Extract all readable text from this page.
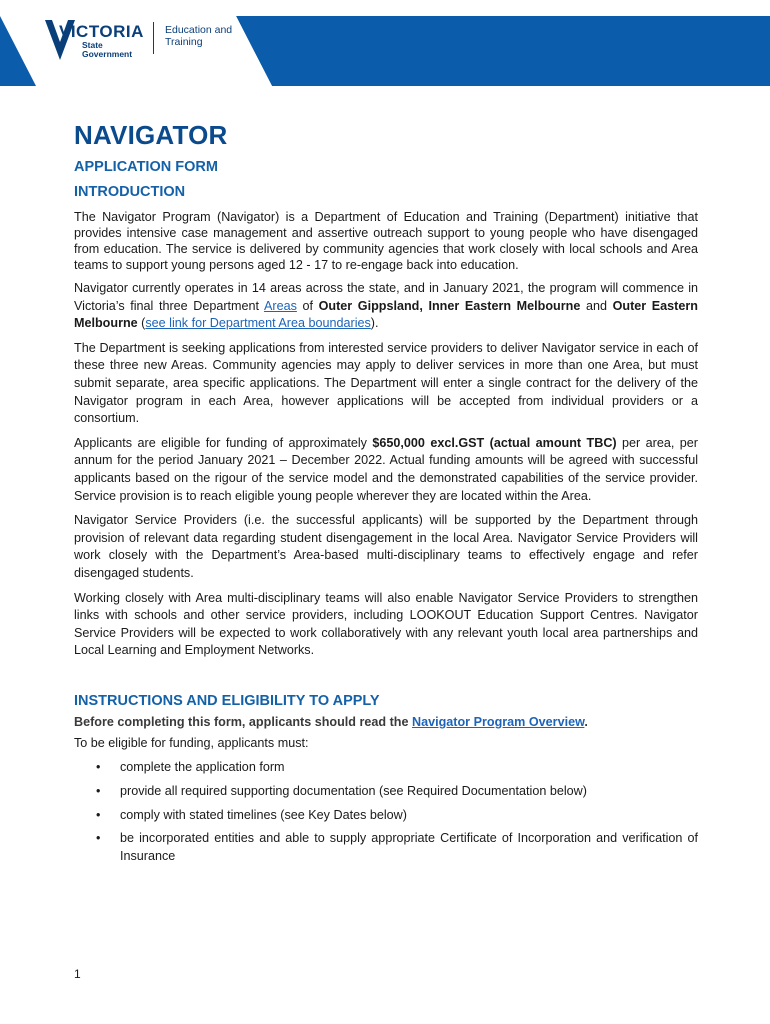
VICTORIA
State Government
Education and Training
NAVIGATOR
APPLICATION FORM
INTRODUCTION

The Navigator Program (Navigator) is a Department of Education and Training (Department) initiative that provides intensive case management and assertive outreach support to young people who have disengaged from education. The service is delivered by community agencies that work closely with local schools and Area teams to support young persons aged 12 - 17 to re-engage back into education.

Navigator currently operates in 14 areas across the state, and in January 2021, the program will commence in Victoria’s final three Department Areas of Outer Gippsland, Inner Eastern Melbourne and Outer Eastern Melbourne (see link for Department Area boundaries).

The Department is seeking applications from interested service providers to deliver Navigator service in each of these three new Areas. Community agencies may apply to deliver services in more than one Area, but must submit separate, area specific applications. The Department will enter a single contract for the delivery of the Navigator program in each Area, however applications will be accepted from individual providers or a consortium.

Applicants are eligible for funding of approximately $650,000 excl.GST (actual amount TBC) per area, per annum for the period January 2021 – December 2022. Actual funding amounts will be agreed with successful applicants based on the rigour of the service model and the demonstrated capabilities of the service provider. Service provision is to reach eligible young people wherever they are located within the Area.

Navigator Service Providers (i.e. the successful applicants) will be supported by the Department through provision of relevant data regarding student disengagement in the local Area. Navigator Service Providers will work closely with the Department’s Area-based multi-disciplinary teams to effectively engage and refer disengaged students.

Working closely with Area multi-disciplinary teams will also enable Navigator Service Providers to strengthen links with schools and other service providers, including LOOKOUT Education Support Centres. Navigator Service Providers will be expected to work collaboratively with any relevant youth local area partnerships and Local Learning and Employment Networks.

INSTRUCTIONS AND ELIGIBILITY TO APPLY
Before completing this form, applicants should read the Navigator Program Overview.

To be eligible for funding, applicants must:

• complete the application form
• provide all required supporting documentation (see Required Documentation below)
• comply with stated timelines (see Key Dates below)
• be incorporated entities and able to supply appropriate Certificate of Incorporation and verification of Insurance
1
